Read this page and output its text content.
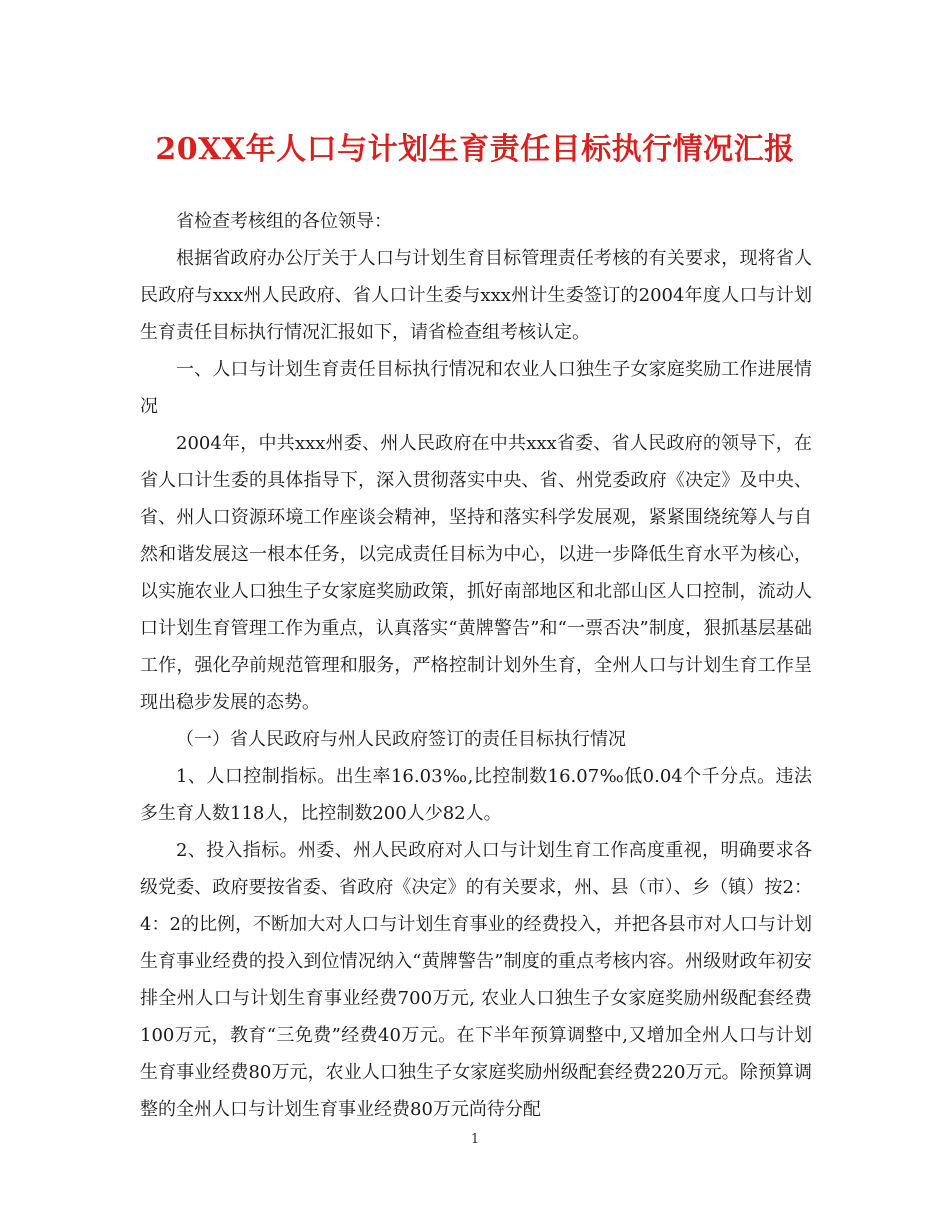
20XX年人口与计划生育责任目标执行情况汇报

省检查考核组的各位领导：

根据省政府办公厅关于人口与计划生育目标管理责任考核的有关要求，现将省人民政府与xxx州人民政府、省人口计生委与xxx州计生委签订的2004年度人口与计划生育责任目标执行情况汇报如下，请省检查组考核认定。

一、人口与计划生育责任目标执行情况和农业人口独生子女家庭奖励工作进展情况

2004年，中共xxx州委、州人民政府在中共xxx省委、省人民政府的领导下，在省人口计生委的具体指导下，深入贯彻落实中央、省、州党委政府《决定》及中央、省、州人口资源环境工作座谈会精神，坚持和落实科学发展观，紧紧围绕统筹人与自然和谐发展这一根本任务，以完成责任目标为中心，以进一步降低生育水平为核心，以实施农业人口独生子女家庭奖励政策，抓好南部地区和北部山区人口控制，流动人口计划生育管理工作为重点，认真落实“黄牌警告”和“一票否决”制度，狠抓基层基础工作，强化孕前规范管理和服务，严格控制计划外生育，全州人口与计划生育工作呈现出稳步发展的态势。

（一）省人民政府与州人民政府签订的责任目标执行情况

1、人口控制指标。出生率16.03‰,比控制数16.07‰低0.04个千分点。违法多生育人数118人，比控制数200人少82人。

2、投入指标。州委、州人民政府对人口与计划生育工作高度重视，明确要求各级党委、政府要按省委、省政府《决定》的有关要求，州、县（市）、乡（镇）按2：4：2的比例，不断加大对人口与计划生育事业的经费投入，并把各县市对人口与计划生育事业经费的投入到位情况纳入“黄牌警告”制度的重点考核内容。州级财政年初安排全州人口与计划生育事业经费700万元, 农业人口独生子女家庭奖励州级配套经费100万元，教育“三免费”经费40万元。在下半年预算调整中,又增加全州人口与计划生育事业经费80万元，农业人口独生子女家庭奖励州级配套经费220万元。除预算调整的全州人口与计划生育事业经费80万元尚待分配

1
